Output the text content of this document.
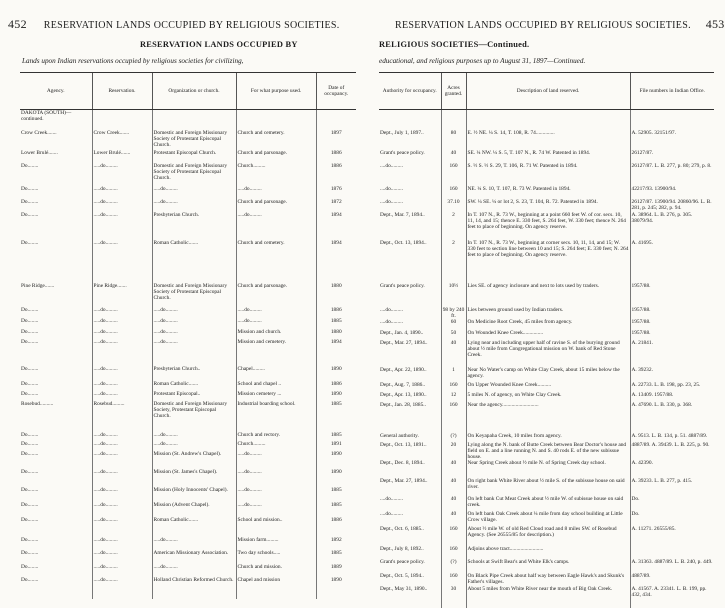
452 RESERVATION LANDS OCCUPIED BY RELIGIOUS SOCIETIES.
RESERVATION LANDS OCCUPIED BY
Lands upon Indian reservations occupied by religious societies for civilizing,
Agency.	Reservation.	Organization or church.	For what purpose used.	Date of occupancy.
DAKOTA (SOUTH)—continued.				
Crow Creek.......	Crow Creek.......	Domestic and Foreign Missionary Society of Protestant Episcopal Church.	Church and cemetery.	1897
Lower Brulé.......	Lower Brulé.......	Protestant Episcopal Church.	Church and parsonage.	1886
Do........	.....do.........	Domestic and Foreign Missionary Society of Protestant Episcopal Church.	Church.........	1886
Do........	.....do.........	.....do.........	.....do.........	1876
Do........	.....do.........	.....do.........	Church and parsonage.	1872
Do........	.....do.........	Presbyterian Church.	.....do.........	1894
Do........	.....do.........	Roman Catholic.......	Church and cemetery.	1894
Pine Ridge.......	Pine Ridge.......	Domestic and Foreign Missionary Society of Protestant Episcopal Church.	Church and parsonage.	1880
Do........	.....do.........	.....do.........	.....do.........	1886
Do........	.....do.........	.....do.........	.....do.........	1885
Do........	.....do.........	.....do.........	Mission and church.	1880
Do........	.....do.........	.....do.........	Mission and cemetery.	1894
Do........	.....do.........	Presbyterian Church..	Chapel.........	1890
Do........	.....do.........	Roman Catholic.......	School and chapel ..	1886
Do........	.....do.........	Protestant Episcopal..	Mission cemetery ...	1890
Rosebud..........	Rosebud.........	Domestic and Foreign Missionary Society, Protestant Episcopal Church.	Industrial boarding school.	1885
Do........	.....do.........	.....do.........	Church and rectory.	1885
Do........	.....do.........	.....do.........	Church.........	1891
Do........	.....do.........	Mission (St. Andrew's Chapel).	.....do.........	1890
Do........	.....do.........	Mission (St. James's Chapel).	.....do.........	1890
Do........	.....do.........	Mission (Holy Innocents' Chapel).	.....do.........	1885
Do........	.....do.........	Mission (Advent Chapel).	.....do.........	1885
Do........	.....do.........	Roman Catholic.......	School and mission..	1886
Do........	.....do.........	.....do.........	Mission farm.........	1892
Do........	.....do.........	American Missionary Association.	Two day schools.....	1885
Do........	.....do.........	.....do.........	Church and mission.	1889
Do........	.....do.........	Holland Christian Reformed Church.	Chapel and mission	1890
RESERVATION LANDS OCCUPIED BY RELIGIOUS SOCIETIES. 453
RELIGIOUS SOCIETIES—Continued.
educational, and religious purposes up to August 31, 1897—Continued.
Authority for occupancy.	Acres granted.	Description of land reserved.	File numbers in Indian Office.

Dept., July 1, 1897..	80	E. ½ NE. ¼ S. 14, T. 108, R. 74..............	A. 52905. 32151/97.
Grant's peace policy.	40	SE. ¼ NW. ¼ S. 5, T. 107 N., R. 74 W. Patented in 1894.	26127/87.
....do.........	160	S. ½ S. ½ S. 29, T. 106, R. 71 W. Patented in 1894.	26127/87. L. B. 277, p. 80; 279, p. 8.
....do.........	160	NE. ¼ S. 10, T. 107, R. 73 W. Patented in 1894.	42217/93. 13900/94.
....do.........	37.10	SW. ¼ SE. ¼ or lot 2, S. 23, T. 104, R. 72. Patented in 1894.	26127/87. 13900/94. 20860/96. L. B. 281, p. 245; 282, p. 94.
Dept., Mar. 7, 1894..	2	In T. 107 N., R. 73 W., beginning at a point 660 feet W. of cor. secs. 10, 11, 14, and 15; thence E. 330 feet, S. 264 feet, W. 330 feet; thence N. 264 feet to place of beginning. On agency reserve.	A. 38964. L. B. 276, p. 305. 38079/94.
Dept., Oct. 13, 1894..	2	In T. 107 N., R. 73 W., beginning at corner secs. 10, 11, 14, and 15; W. 330 feet to section line between 10 and 15; S. 264 feet; E. 330 feet; N. 264 feet to place of beginning. On agency reserve.	A. 41695.
Grant's peace policy.	10½	Lies SE. of agency inclosure and next to lots used by traders.	1957/88.
....do.........	98 by 240 ft.	Lies between ground used by Indian traders.	1957/88.
....do.........	60	On Medicine Root Creek, 45 miles from agency.	1957/88.
Dept., Jan. 4, 1890..	50	On Wounded Knee Creek...............	1957/88.
Dept., Mar. 27, 1894..	40	Lying near and including upper half of ravine S. of the burying ground about ½ mile from Congregational mission on W. bank of Red Stone Creek.	A. 21841.
Dept., Apr. 22, 1890..	1	Near No Water's camp on White Clay Creek, about 15 miles below the agency.	A. 39232.
Dept., Aug. 7, 1886..	160	On Upper Wounded Knee Creek..........	A. 22733. L. B. 198, pp. 23, 25.
Dept., Apr. 13, 1890..	12	5 miles N. of agency, on White Clay Creek.	A. 13409. 1957/88.
Dept., Jan. 28, 1885..	160	Near the agency...........................	A. 47690. L. B. 330, p. 368.
General authority.	(?)	On Keyapaha Creek, 10 miles from agency.	A. 9513. L. B. 134, p. 51. 4887/89.
Dept., Oct. 13, 1891..	20	Lying along the N. bank of Butte Creek between Bear Doctor's house and field on E. and a line running N. and S. 40 rods E. of the new subissue house.	4887/89. A. 39439. L. B. 225, p. 90.
Dept., Dec. 8, 1894..	40	Near Spring Creek about ½ mile N. of Spring Creek day school.	A. 42390.
Dept., Mar. 27, 1894..	40	On right bank White River about ½ mile S. of the subissue house on said river.	A. 39233. L. B. 277, p. 415.
....do.........	40	On left bank Cut Meat Creek about ½ mile W. of subissue house on said creek.	Do.
....do.........	40	On left bank Oak Creek about ¼ mile from day school building at Little Crow village.	Do.
Dept., Oct. 6, 1885..	160	About ½ mile W. of old Red Cloud road and 8 miles SW. of Rosebud Agency. (See 26555/85 for description.)	A. 11271. 26555/85.
Dept., July 8, 1892..	160	Adjoins above tract.........................	
Grant's peace policy.	(?)	Schools at Swift Bear's and White Elk's camps.	A. 31363. 4887/89. L. B. 240, p. 449.
Dept., Oct. 5, 1894..	160	On Black Pipe Creek about half way between Eagle Hawk's and Skunk's Father's villages.	4887/89.
Dept., May 31, 1890..	30	About 5 miles from White River near the mouth of Big Oak Creek.	A. 41567. A. 23341. L. B. 199, pp. 432, 434.
